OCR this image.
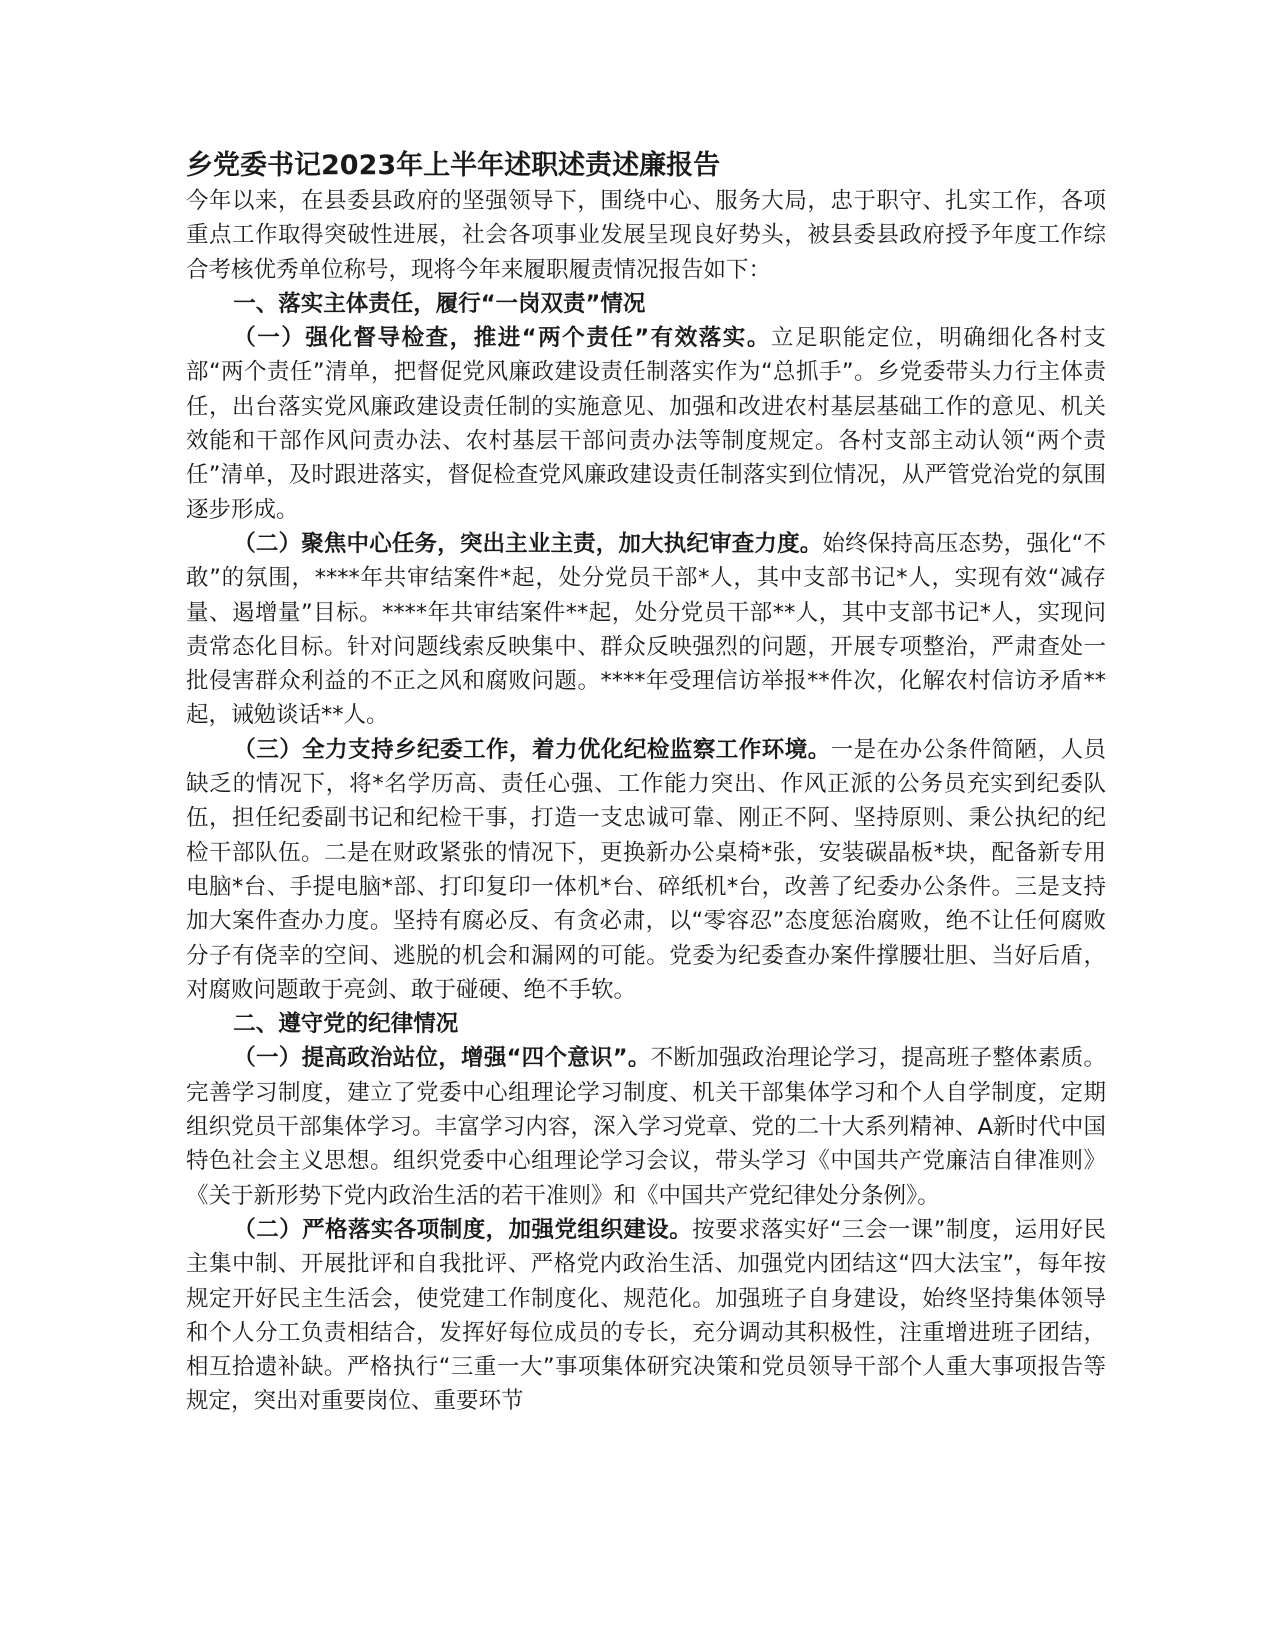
乡党委书记2023年上半年述职述责述廉报告

今年以来，在县委县政府的坚强领导下，围绕中心、服务大局，忠于职守、扎实工作，各项重点工作取得突破性进展，社会各项事业发展呈现良好势头，被县委县政府授予年度工作综合考核优秀单位称号，现将今年来履职履责情况报告如下：

一、落实主体责任，履行“一岗双责”情况

（一）强化督导检查，推进“两个责任”有效落实。立足职能定位，明确细化各村支部“两个责任”清单，把督促党风廉政建设责任制落实作为“总抓手”。乡党委带头力行主体责任，出台落实党风廉政建设责任制的实施意见、加强和改进农村基层基础工作的意见、机关效能和干部作风问责办法、农村基层干部问责办法等制度规定。各村支部主动认领“两个责任”清单，及时跟进落实，督促检查党风廉政建设责任制落实到位情况，从严管党治党的氛围逐步形成。

（二）聚焦中心任务，突出主业主责，加大执纪审查力度。始终保持高压态势，强化“不敢”的氛围，****年共审结案件*起，处分党员干部*人，其中支部书记*人，实现有效“减存量、遏增量”目标。****年共审结案件**起，处分党员干部**人，其中支部书记*人，实现问责常态化目标。针对问题线索反映集中、群众反映强烈的问题，开展专项整治，严肃查处一批侵害群众利益的不正之风和腐败问题。****年受理信访举报**件次，化解农村信访矛盾**起，诫勉谈话**人。

（三）全力支持乡纪委工作，着力优化纪检监察工作环境。一是在办公条件简陋，人员缺乏的情况下，将*名学历高、责任心强、工作能力突出、作风正派的公务员充实到纪委队伍，担任纪委副书记和纪检干事，打造一支忠诚可靠、刚正不阿、坚持原则、秉公执纪的纪检干部队伍。二是在财政紧张的情况下，更换新办公桌椅*张，安装碳晶板*块，配备新专用电脑*台、手提电脑*部、打印复印一体机*台、碎纸机*台，改善了纪委办公条件。三是支持加大案件查办力度。坚持有腐必反、有贪必肃，以“零容忍”态度惩治腐败，绝不让任何腐败分子有侥幸的空间、逃脱的机会和漏网的可能。党委为纪委查办案件撑腰壮胆、当好后盾，对腐败问题敢于亮剑、敢于碰硬、绝不手软。

二、遵守党的纪律情况

（一）提高政治站位，增强“四个意识”。不断加强政治理论学习，提高班子整体素质。完善学习制度，建立了党委中心组理论学习制度、机关干部集体学习和个人自学制度，定期组织党员干部集体学习。丰富学习内容，深入学习党章、党的二十大系列精神、A新时代中国特色社会主义思想。组织党委中心组理论学习会议，带头学习《中国共产党廉洁自律准则》《关于新形势下党内政治生活的若干准则》和《中国共产党纪律处分条例》。

（二）严格落实各项制度，加强党组织建设。按要求落实好“三会一课”制度，运用好民主集中制、开展批评和自我批评、严格党内政治生活、加强党内团结这“四大法宝”，每年按规定开好民主生活会，使党建工作制度化、规范化。加强班子自身建设，始终坚持集体领导和个人分工负责相结合，发挥好每位成员的专长，充分调动其积极性，注重增进班子团结，相互拾遗补缺。严格执行“三重一大”事项集体研究决策和党员领导干部个人重大事项报告等规定，突出对重要岗位、重要环节
